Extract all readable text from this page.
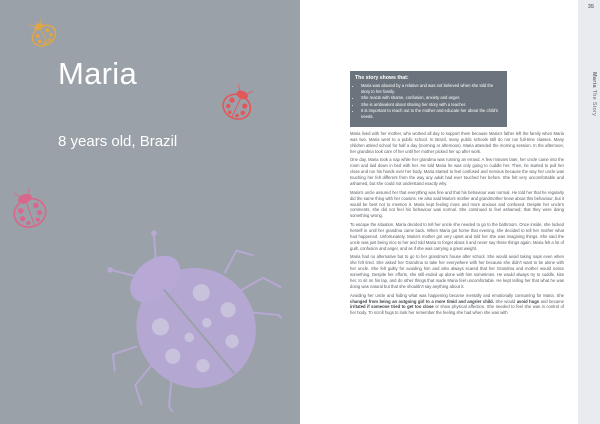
Maria
8 years old, Brazil
35
Maria The Story
The story shows that:
• Maria was abused by a relative and was not believed when she told the story to her family.
• She reacts with shame, confusion, anxiety and anger.
• She is ambivalent about sharing her story with a teacher.
• It is important to reach out to the mother and educate her about the child's needs.

Maria lived with her mother, who worked all day to support them because Maria's father left the family when Maria was two. Maria went to a public school. In Brazil, many public schools still do not run full-time classes. Many children attend school for half a day (morning or afternoon). Maria attended the morning session. In the afternoon, her grandma took care of her until her mother picked her up after work.

One day, Maria took a nap while her grandma was running an errand. A few minutes later, her uncle came into the room and laid down in bed with her. He told Maria he was only going to cuddle her. Then, he started to pull her close and run his hands over her body. Maria started to feel confused and nervous because the way her uncle was touching her felt different from the way any adult had ever touched her before. She felt very uncomfortable and ashamed, but she could not understand exactly why.

Maria's uncle assured her that everything was fine and that his behaviour was normal. He told her that he regularly did the same thing with her cousins. He also said Maria's mother and grandmother knew about this behaviour, but it would be best not to mention it. Maria kept feeling more and more anxious and confused. Despite her uncle's comments, she did not feel his behaviour was normal. She continued to feel ashamed; that they were doing something wrong.

To escape the situation, Maria decided to tell her uncle she needed to go to the bathroom. Once inside, she locked herself in until her grandma came back. When Maria got home that evening, she decided to tell her mother what had happened. Unfortunately, Maria's mother got very upset and told her she was imagining things. She said the uncle was just being nice to her and told Maria to forget about it and never say those things again. Maria felt a lot of guilt, confusion and anger, and as if she was carrying a great weight.

Maria had no alternative but to go to her grandma's house after school. She would avoid taking naps even when she felt tired. She asked her Grandma to take her everywhere with her because she didn't want to be alone with her uncle. She felt guilty for avoiding him and also always scared that her Grandma and mother would notice something. Despite her efforts, she still ended up alone with him sometimes. He would always try to cuddle, kiss her, to sit on his lap, and do other things that made Maria feel uncomfortable. He kept telling her that what he was doing was natural but that she shouldn't say anything about it.

Avoiding her uncle and hiding what was happening became mentally and emotionally consuming for Maria. She changed from being an outgoing girl to a more timid and angrier child. She would avoid hugs and became irritated if someone tried to get too close or show physical affection. She needed to feel she was in control of her body. To scroll hugs to look her remember the feeling she had when she was with
